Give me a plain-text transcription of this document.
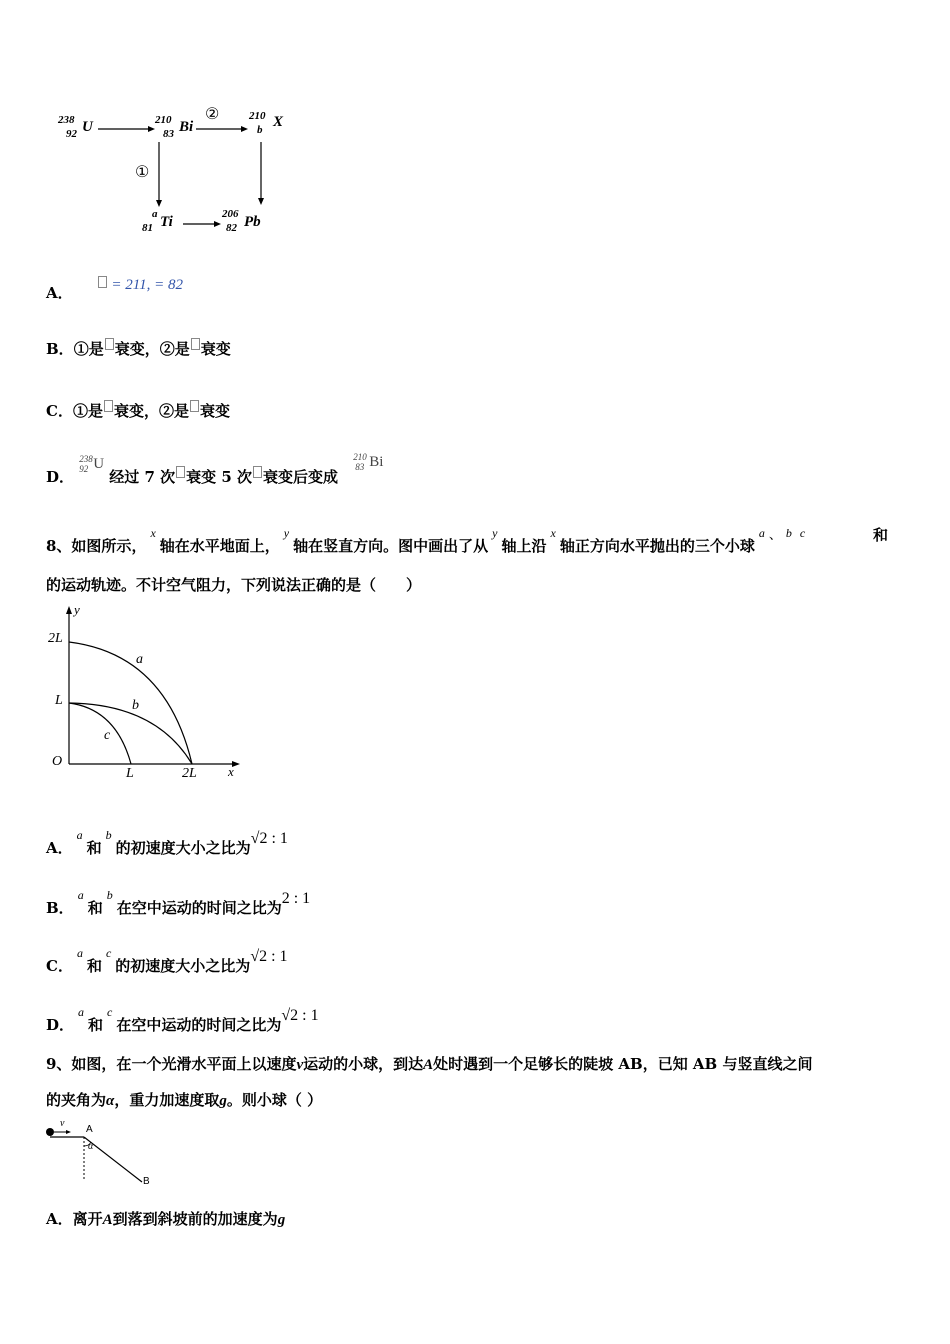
238
92 U	210
83 Bi
210
b X
a
81 Ti	206
82 Pb
②
①
A． = 211, = 82
B．①是 衰变，②是 衰变
C．①是 衰变，②是 衰变
D．
238
92 U
经过 7 次 衰变 5 次 衰变后变成
210
83 Bi
8、如图所示，$^x$轴在水平地面上，$^y$轴在竖直方向。图中画出了从$^y$轴上沿$^x$轴正方向水平抛出的三个小球$^a$ 、 $^b$ $^c$	和
的运动轨迹。不计空气阻力，下列说法正确的是（　　）
y
x
O
2L
L
L	2L
a
b
c
A．$^a$和$^b$的初速度大小之比为√2 : 1
B．$^a$和$^b$在空中运动的时间之比为2 : 1
C．$^a$和$^c$的初速度大小之比为√2 : 1
D．$^a$和$^c$在空中运动的时间之比为√2 : 1
9、如图，在一个光滑水平面上以速度v运动的小球，到达A处时遇到一个足够长的陡坡 AB，已知 AB 与竖直线之间
的夹角为α，重力加速度取g。则小球（ ）
v
A
α
B
A．离开A到落到斜坡前的加速度为g
